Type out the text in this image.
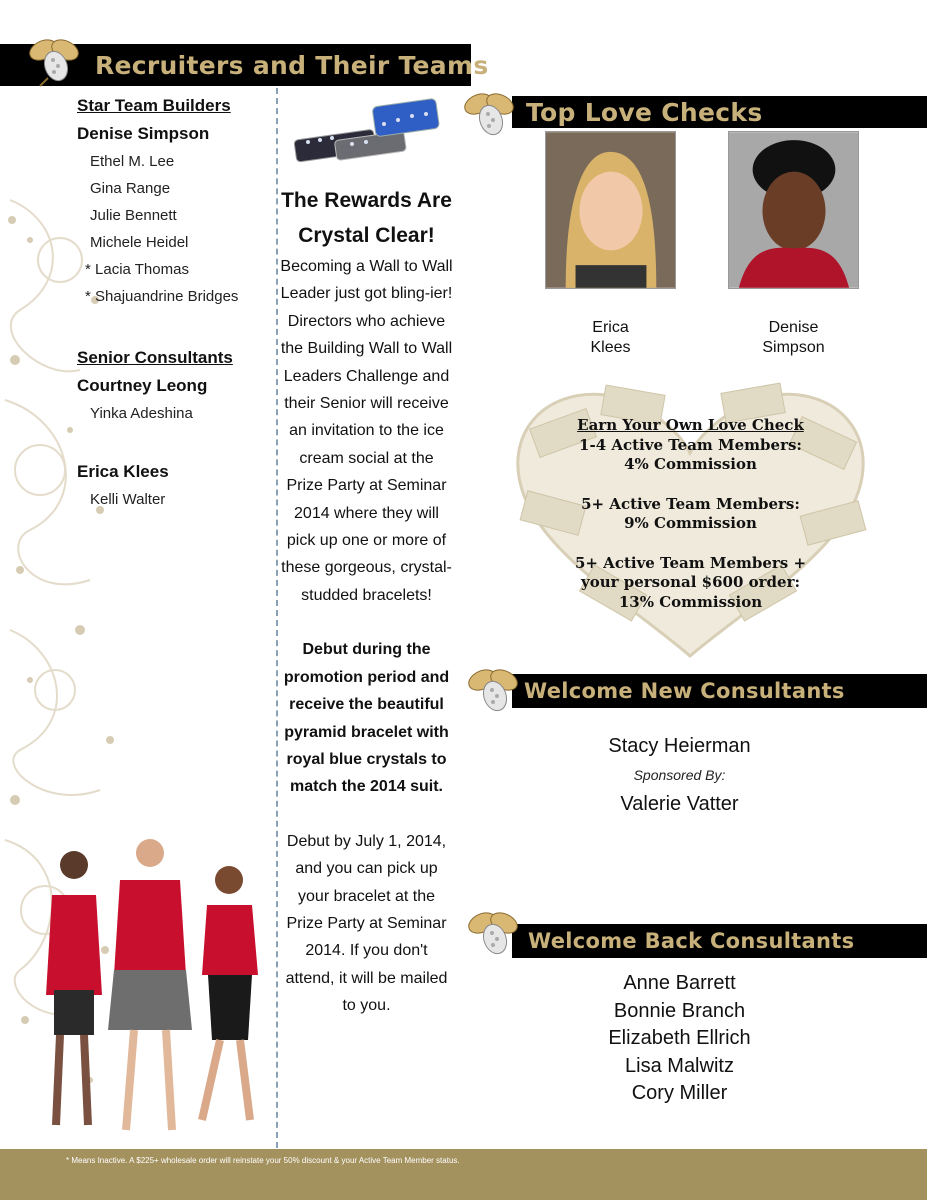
Recruiters and Their Teams
Star Team Builders
Denise Simpson
Ethel M. Lee
Gina Range
Julie Bennett
Michele Heidel
* Lacia Thomas
* Shajuandrine Bridges
Senior Consultants
Courtney Leong
Yinka Adeshina
Erica Klees
Kelli Walter
The Rewards Are Crystal Clear!

Becoming a Wall to Wall Leader just got bling-ier! Directors who achieve the Building Wall to Wall Leaders Challenge and their Senior will receive an invitation to the ice cream social at the Prize Party at Seminar 2014 where they will pick up one or more of these gorgeous, crystal-studded bracelets!

Debut during the promotion period and receive the beautiful pyramid bracelet with royal blue crystals to match the 2014 suit.

Debut by July 1, 2014, and you can pick up your bracelet at the Prize Party at Seminar 2014. If you don't attend, it will be mailed to you.

Top Love Checks
Erica
Klees
Denise
Simpson
Earn Your Own Love Check
1-4 Active Team Members:
4% Commission
5+ Active Team Members:
9% Commission
5+ Active Team Members +
your personal $600 order:
13% Commission
Welcome New Consultants
Stacy Heierman
Sponsored By:
Valerie Vatter
Welcome Back Consultants
Anne Barrett
Bonnie Branch
Elizabeth Ellrich
Lisa Malwitz
Cory Miller
* Means Inactive. A $225+ wholesale order will reinstate your 50% discount & your Active Team Member status.
